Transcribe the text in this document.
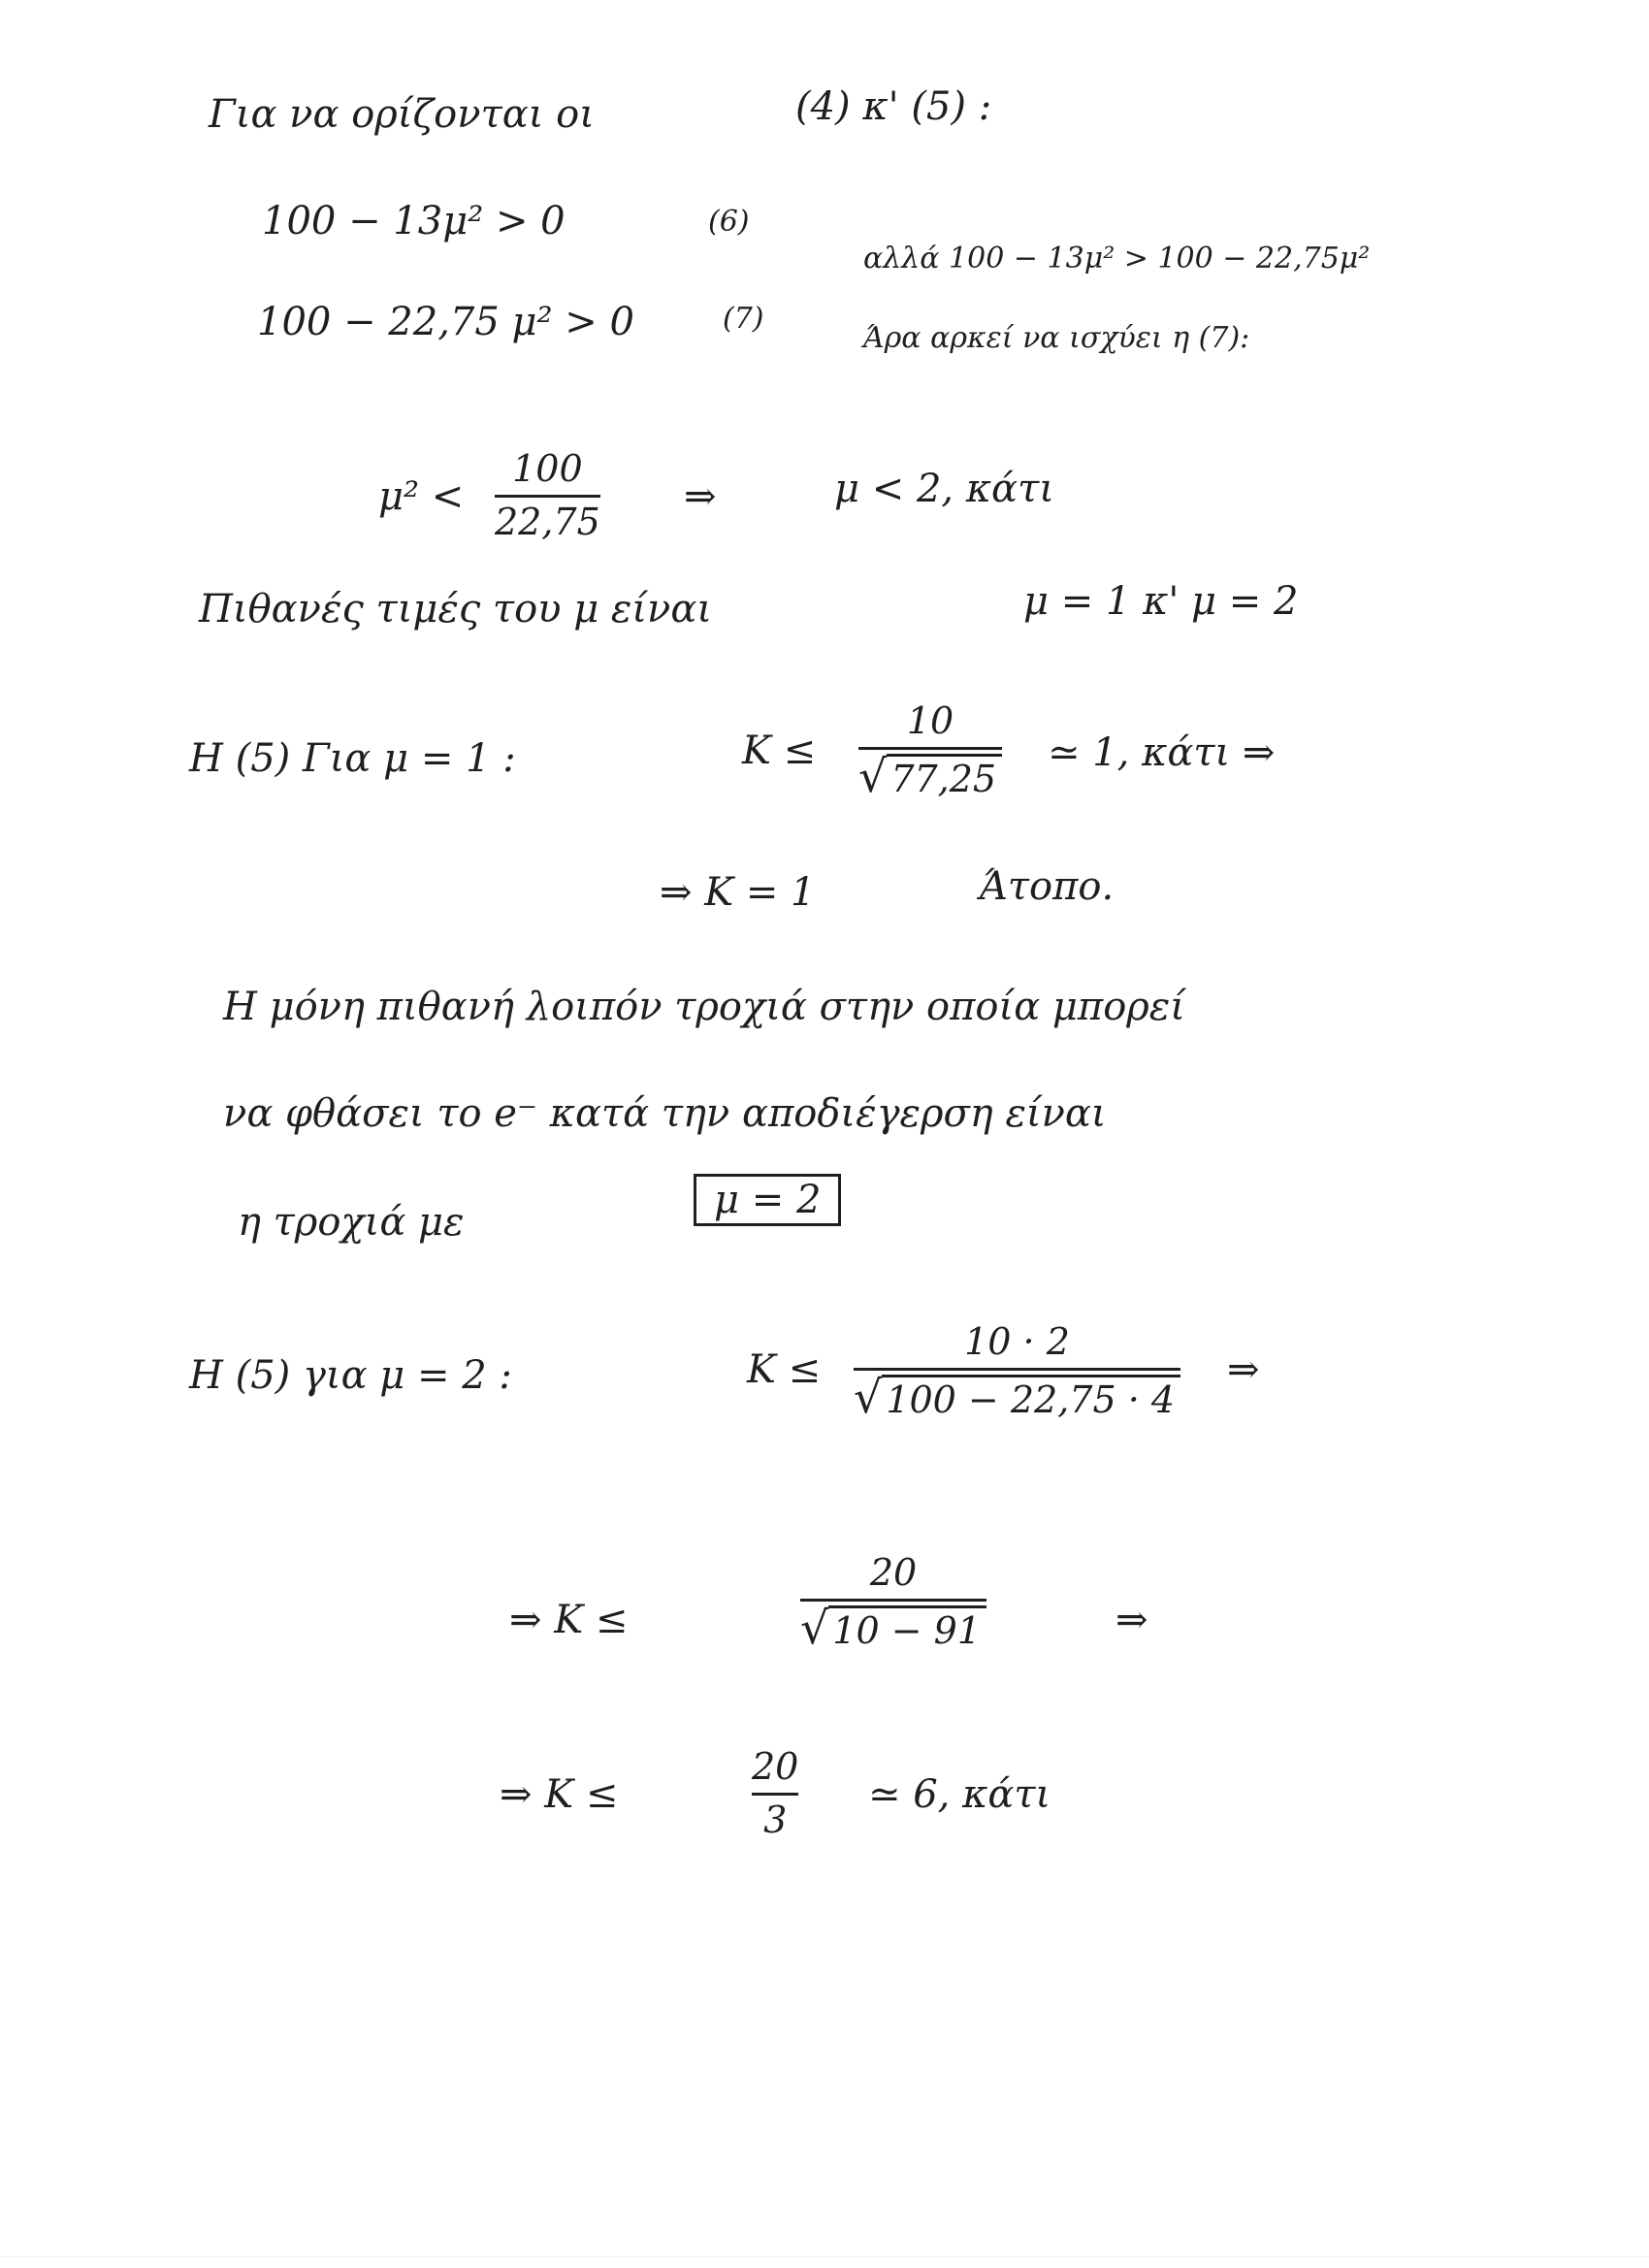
Για να ορίζονται οι	(4) κ' (5) :
100 − 13μ² > 0	(6)
100 − 22,75 μ² > 0	(7)
αλλά 100 − 13μ² > 100 − 22,75μ²
Άρα αρκεί να ισχύει η (7):
μ² <
100
22,75
⇒	μ < 2, κάτι
Πιθανές τιμές του μ είναι	μ = 1 κ' μ = 2
Η (5) Για μ = 1 :	K ≤
10
√ 77,25
≃ 1, κάτι ⇒
⇒ K = 1	Άτοπο.
Η μόνη πιθανή λοιπόν τροχιά στην οποία μπορεί
να φθάσει το e⁻ κατά την αποδιέγερση είναι
η τροχιά με	μ = 2
Η (5) για μ = 2 :	K ≤
10 · 2
√ 100 − 22,75 · 4
⇒
⇒ K ≤
20
√ 10 − 91	⇒
⇒ K ≤
20
3
≃ 6, κάτι
